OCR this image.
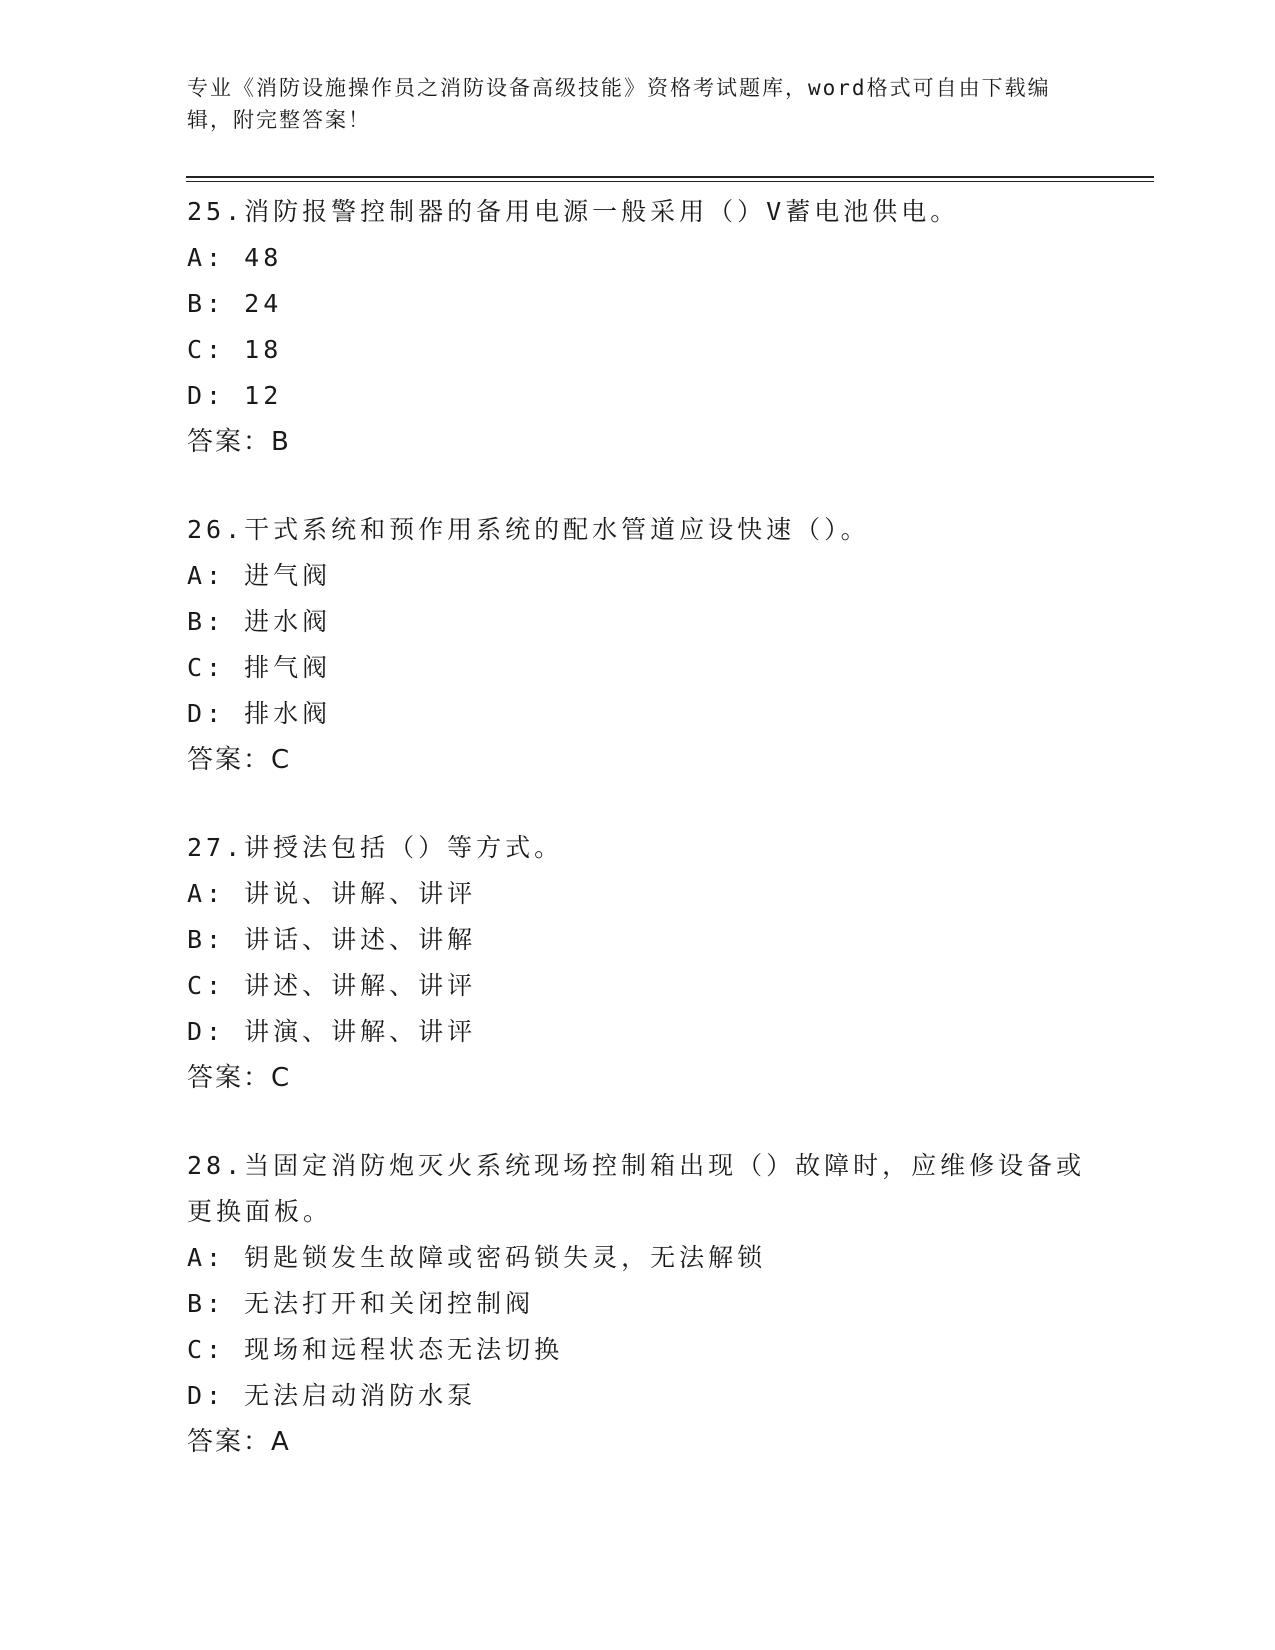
专业《消防设施操作员之消防设备高级技能》资格考试题库，word格式可自由下载编辑，附完整答案！

25.消防报警控制器的备用电源一般采用（）V蓄电池供电。

A: 48

B: 24

C: 18

D: 12

答案：B

26.干式系统和预作用系统的配水管道应设快速（）。

A: 进气阀

B: 进水阀

C: 排气阀

D: 排水阀

答案：C

27.讲授法包括（）等方式。

A: 讲说、讲解、讲评

B: 讲话、讲述、讲解

C: 讲述、讲解、讲评

D: 讲演、讲解、讲评

答案：C

28.当固定消防炮灭火系统现场控制箱出现（）故障时，应维修设备或更换面板。

A: 钥匙锁发生故障或密码锁失灵，无法解锁

B: 无法打开和关闭控制阀

C: 现场和远程状态无法切换

D: 无法启动消防水泵

答案：A
